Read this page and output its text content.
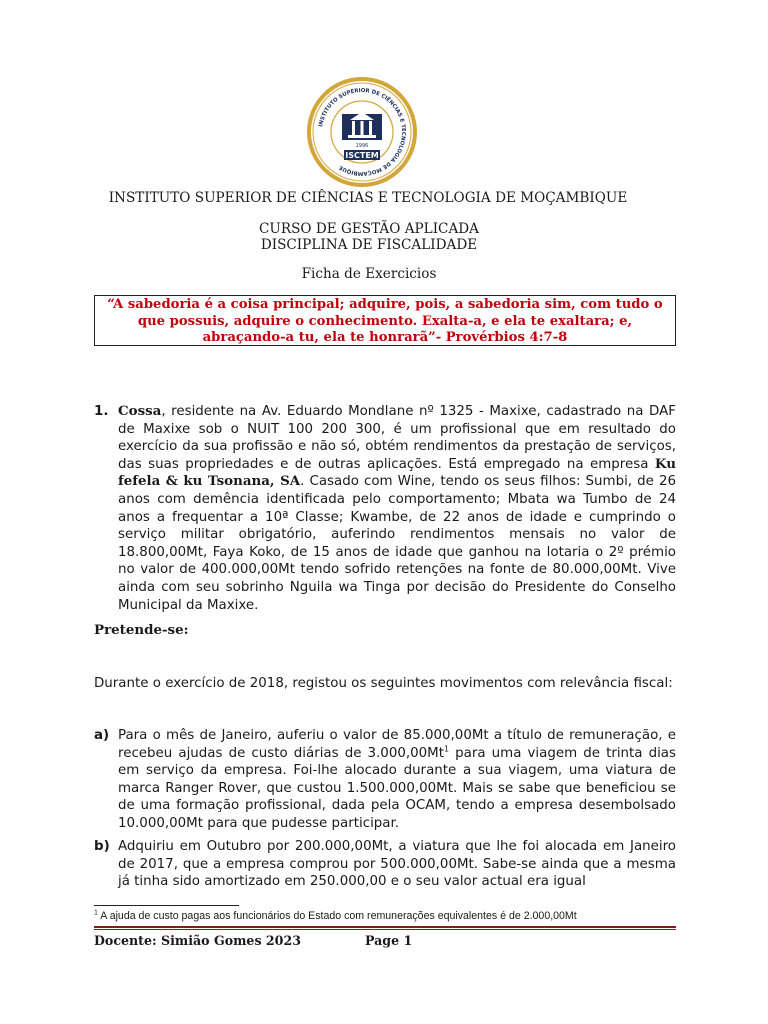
INSTITUTO SUPERIOR DE CIÊNCIAS E TECNOLOGIA DE MOÇAMBIQUE
1996
ISCTEM
INSTITUTO SUPERIOR DE CIÊNCIAS E TECNOLOGIA DE MOÇAMBIQUE
CURSO DE GESTÃO APLICADA
DISCIPLINA DE FISCALIDADE
Ficha de Exercicios
“A sabedoria é a coisa principal; adquire, pois, a sabedoria sim, com tudo o que possuis, adquire o conhecimento. Exalta-a, e ela te exaltara; e, abraçando-a tu, ela te honrarã”- Provérbios 4:7-8
1. Cossa, residente na Av. Eduardo Mondlane nº 1325 - Maxixe, cadastrado na DAF de Maxixe sob o NUIT 100 200 300, é um profissional que em resultado do exercício da sua profissão e não só, obtém rendimentos da prestação de serviços, das suas propriedades e de outras aplicações. Está empregado na empresa Ku fefela & ku Tsonana, SA. Casado com Wine, tendo os seus filhos: Sumbi, de 26 anos com demência identificada pelo comportamento; Mbata wa Tumbo de 24 anos a frequentar a 10ª Classe; Kwambe, de 22 anos de idade e cumprindo o serviço militar obrigatório, auferindo rendimentos mensais no valor de 18.800,00Mt, Faya Koko, de 15 anos de idade que ganhou na lotaria o 2º prémio no valor de 400.000,00Mt tendo sofrido retenções na fonte de 80.000,00Mt. Vive ainda com seu sobrinho Nguila wa Tinga por decisão do Presidente do Conselho Municipal da Maxixe.
Pretende-se:
Durante o exercício de 2018, registou os seguintes movimentos com relevância fiscal:
a) Para o mês de Janeiro, auferiu o valor de 85.000,00Mt a título de remuneração, e recebeu ajudas de custo diárias de 3.000,00Mt$^1$ para uma viagem de trinta dias em serviço da empresa. Foi-lhe alocado durante a sua viagem, uma viatura de marca Ranger Rover, que custou 1.500.000,00Mt. Mais se sabe que beneficiou se de uma formação profissional, dada pela OCAM, tendo a empresa desembolsado 10.000,00Mt para que pudesse participar.
b) Adquiriu em Outubro por 200.000,00Mt, a viatura que lhe foi alocada em Janeiro de 2017, que a empresa comprou por 500.000,00Mt. Sabe-se ainda que a mesma já tinha sido amortizado em 250.000,00 e o seu valor actual era igual
$^1$ A ajuda de custo pagas aos funcionários do Estado com remunerações equivalentes é de 2.000,00Mt
Docente: Simião Gomes 2023	Page 1
